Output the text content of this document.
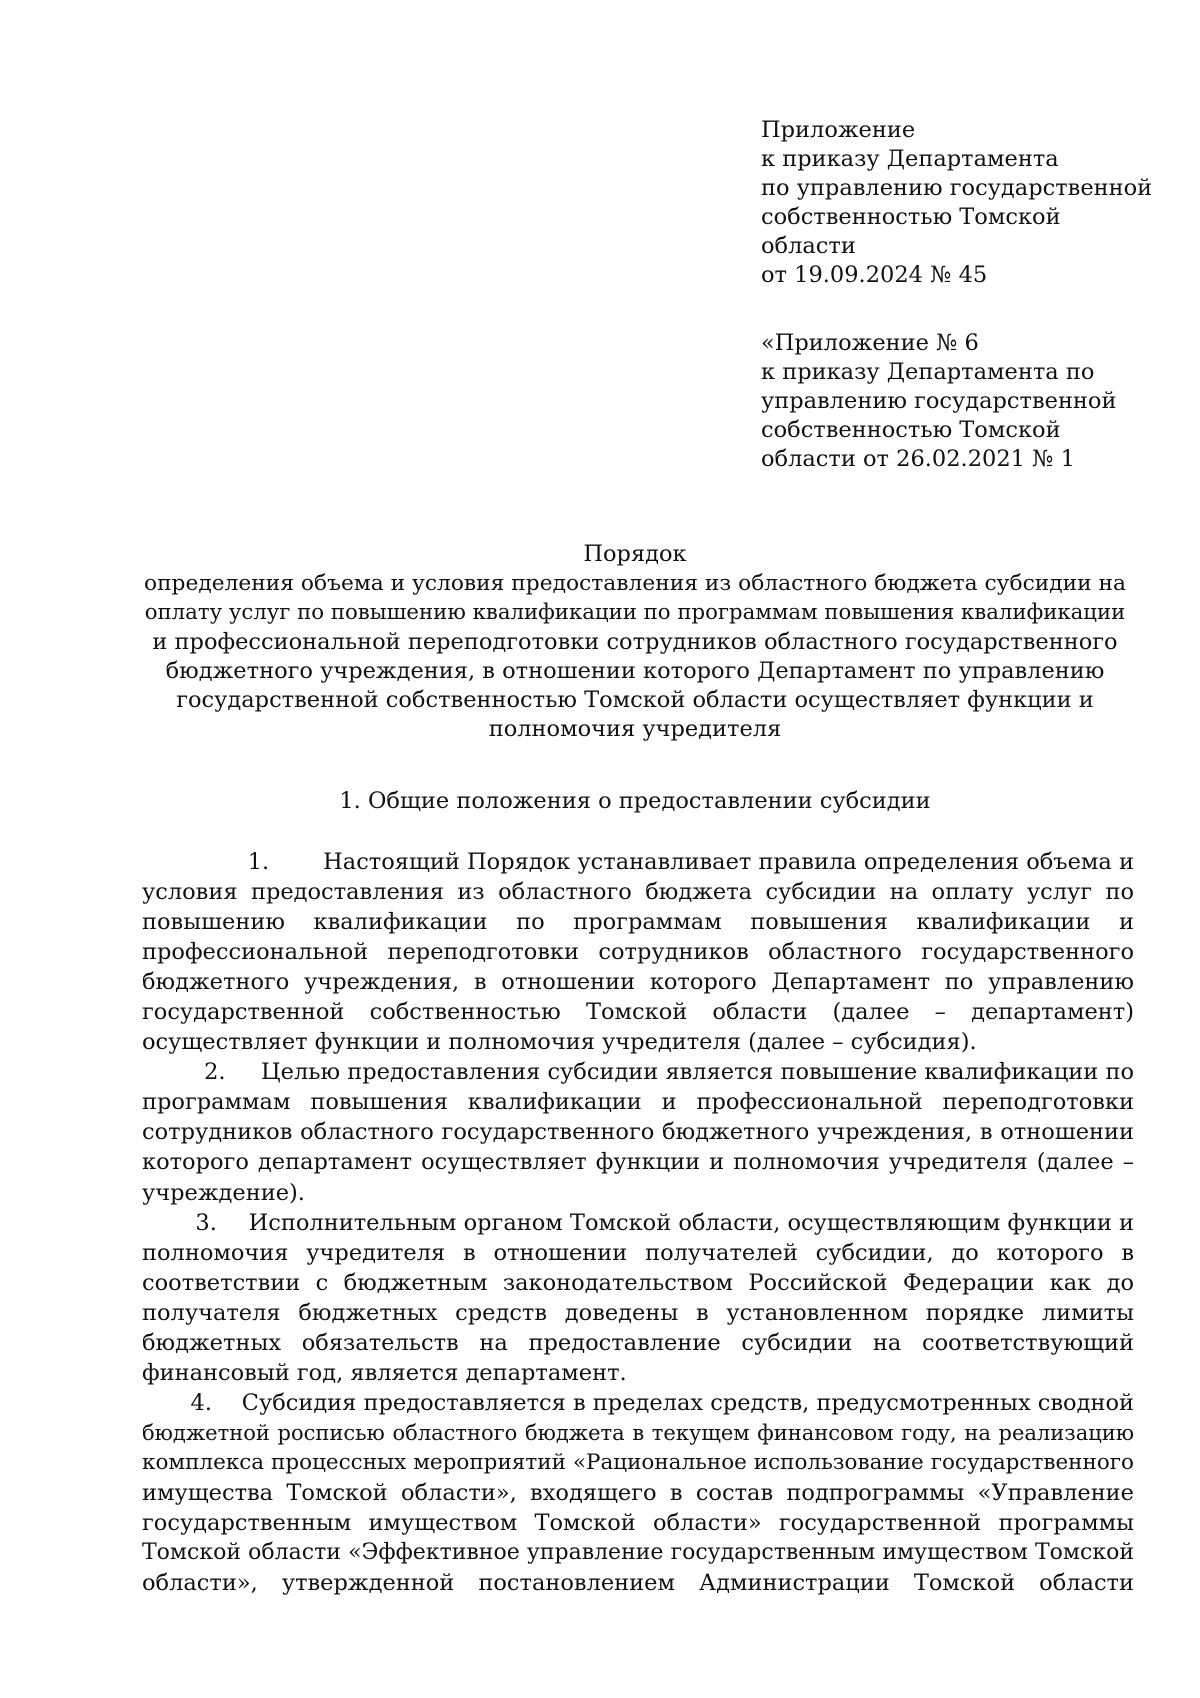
Приложение
к приказу Департамента
по управлению государственной
собственностью Томской
области
от 19.09.2024 № 45
«Приложение № 6
к приказу Департамента по
управлению государственной
собственностью Томской
области от 26.02.2021 № 1
Порядок
определения объема и условия предоставления из областного бюджета субсидии на
оплату услуг по повышению квалификации по программам повышения квалификации
и профессиональной переподготовки сотрудников областного государственного
бюджетного учреждения, в отношении которого Департамент по управлению
государственной собственностью Томской области осуществляет функции и
полномочия учредителя
1. Общие положения о предоставлении субсидии
1. Настоящий Порядок устанавливает правила определения объема и
условия предоставления из областного бюджета субсидии на оплату услуг по
повышению квалификации по программам повышения квалификации и
профессиональной переподготовки сотрудников областного государственного
бюджетного учреждения, в отношении которого Департамент по управлению
государственной собственностью Томской области (далее – департамент)
осуществляет функции и полномочия учредителя (далее – субсидия).
2. Целью предоставления субсидии является повышение квалификации по
программам повышения квалификации и профессиональной переподготовки
сотрудников областного государственного бюджетного учреждения, в отношении
которого департамент осуществляет функции и полномочия учредителя (далее –
учреждение).
3. Исполнительным органом Томской области, осуществляющим функции и
полномочия учредителя в отношении получателей субсидии, до которого в
соответствии с бюджетным законодательством Российской Федерации как до
получателя бюджетных средств доведены в установленном порядке лимиты
бюджетных обязательств на предоставление субсидии на соответствующий
финансовый год, является департамент.
4. Субсидия предоставляется в пределах средств, предусмотренных сводной
бюджетной росписью областного бюджета в текущем финансовом году, на реализацию
комплекса процессных мероприятий «Рациональное использование государственного
имущества Томской области», входящего в состав подпрограммы «Управление
государственным имуществом Томской области» государственной программы
Томской области «Эффективное управление государственным имуществом Томской
области», утвержденной постановлением Администрации Томской области
